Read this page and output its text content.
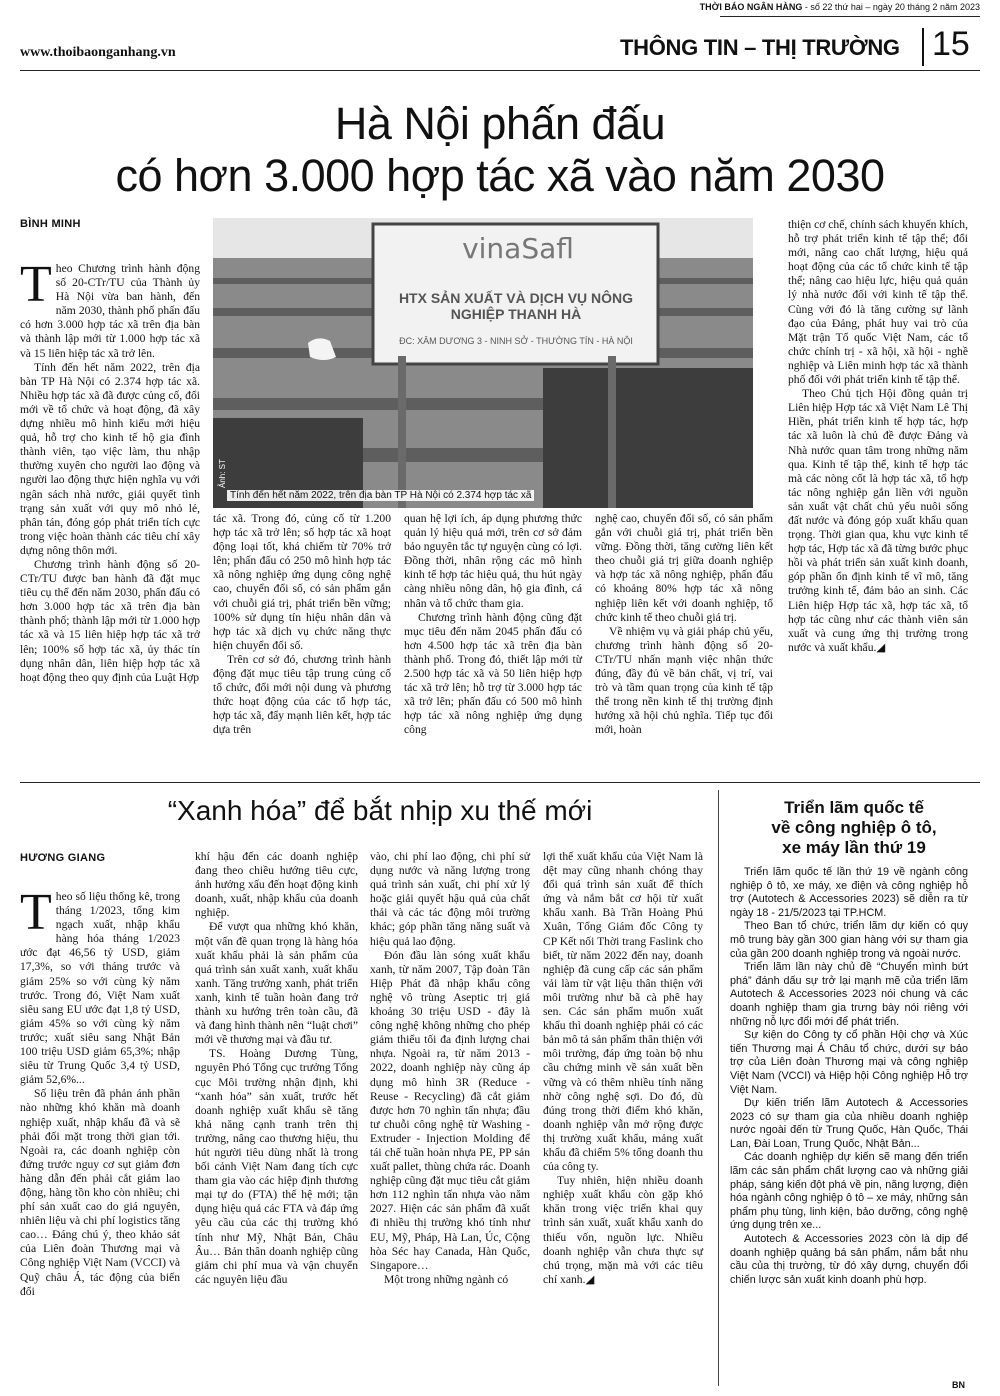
THỜI BÁO NGÂN HÀNG - số 22 thứ hai – ngày 20 tháng 2 năm 2023
www.thoibaonganhang.vn	THÔNG TIN – THỊ TRƯỜNG 15
Hà Nội phấn đấu
có hơn 3.000 hợp tác xã vào năm 2030
BÌNH MINH
Ảnh: ST
vinaSafl
HTX SẢN XUẤT VÀ DỊCH VỤ NÔNG NGHIỆP THANH HÀ
ĐC: XÂM DƯƠNG 3 - NINH SỞ - THƯỜNG TÍN - HÀ NỘI
Tính đến hết năm 2022, trên địa bàn TP Hà Nội có 2.374 hợp tác xã
T heo Chương trình hành động số 20-CTr/TU của Thành ủy Hà Nội vừa ban hành, đến năm 2030, thành phố phấn đấu có hơn 3.000 hợp tác xã trên địa bàn và thành lập mới từ 1.000 hợp tác xã và 15 liên hiệp tác xã trở lên.

Tính đến hết năm 2022, trên địa bàn TP Hà Nội có 2.374 hợp tác xã. Nhiều hợp tác xã đã được củng cố, đổi mới về tổ chức và hoạt động, đã xây dựng nhiều mô hình kiểu mới hiệu quả, hỗ trợ cho kinh tế hộ gia đình thành viên, tạo việc làm, thu nhập thường xuyên cho người lao động và người lao động thực hiện nghĩa vụ với ngân sách nhà nước, giải quyết tình trạng sản xuất với quy mô nhỏ lẻ, phân tán, đóng góp phát triển tích cực trong việc hoàn thành các tiêu chí xây dựng nông thôn mới.

Chương trình hành động số 20-CTr/TU được ban hành đã đặt mục tiêu cụ thể đến năm 2030, phấn đấu có hơn 3.000 hợp tác xã trên địa bàn thành phố; thành lập mới từ 1.000 hợp tác xã và 15 liên hiệp hợp tác xã trở lên; 100% số hợp tác xã, ủy thác tín dụng nhân dân, liên hiệp hợp tác xã hoạt động theo quy định của Luật Hợp

tác xã. Trong đó, củng cố từ 1.200 hợp tác xã trở lên; số hợp tác xã hoạt động loại tốt, khá chiếm từ 70% trở lên; phấn đấu có 250 mô hình hợp tác xã nông nghiệp ứng dụng công nghệ cao, chuyển đổi số, có sản phẩm gắn với chuỗi giá trị, phát triển bền vững; 100% sử dụng tín hiệu nhân dân và hợp tác xã dịch vụ chức năng thực hiện chuyển đổi số.

Trên cơ sở đó, chương trình hành động đặt mục tiêu tập trung củng cố tổ chức, đổi mới nội dung và phương thức hoạt động của các tổ hợp tác, hợp tác xã, đẩy mạnh liên kết, hợp tác dựa trên

quan hệ lợi ích, áp dụng phương thức quản lý hiệu quả mới, trên cơ sở đảm bảo nguyên tắc tự nguyện cùng có lợi. Đồng thời, nhân rộng các mô hình kinh tế hợp tác hiệu quả, thu hút ngày càng nhiều nông dân, hộ gia đình, cá nhân và tổ chức tham gia.

Chương trình hành động cũng đặt mục tiêu đến năm 2045 phấn đấu có hơn 4.500 hợp tác xã trên địa bàn thành phố. Trong đó, thiết lập mới từ 2.500 hợp tác xã và 50 liên hiệp hợp tác xã trở lên; hỗ trợ từ 3.000 hợp tác xã trở lên; phấn đấu có 500 mô hình hợp tác xã nông nghiệp ứng dụng công

nghệ cao, chuyển đổi số, có sản phẩm gắn với chuỗi giá trị, phát triển bền vững. Đồng thời, tăng cường liên kết theo chuỗi giá trị giữa doanh nghiệp và hợp tác xã nông nghiệp, phấn đấu có khoảng 80% hợp tác xã nông nghiệp liên kết với doanh nghiệp, tổ chức kinh tế theo chuỗi giá trị.

Về nhiệm vụ và giải pháp chủ yếu, chương trình hành động số 20-CTr/TU nhấn mạnh việc nhận thức đúng, đầy đủ về bản chất, vị trí, vai trò và tầm quan trọng của kinh tế tập thể trong nền kinh tế thị trường định hướng xã hội chủ nghĩa. Tiếp tục đổi mới, hoàn

thiện cơ chế, chính sách khuyến khích, hỗ trợ phát triển kinh tế tập thể; đổi mới, nâng cao chất lượng, hiệu quả hoạt động của các tổ chức kinh tế tập thể; nâng cao hiệu lực, hiệu quả quản lý nhà nước đối với kinh tế tập thể. Cùng với đó là tăng cường sự lãnh đạo của Đảng, phát huy vai trò của Mặt trận Tổ quốc Việt Nam, các tổ chức chính trị - xã hội, xã hội - nghề nghiệp và Liên minh hợp tác xã thành phố đối với phát triển kinh tế tập thể.

Theo Chủ tịch Hội đồng quản trị Liên hiệp Hợp tác xã Việt Nam Lê Thị Hiền, phát triển kinh tế hợp tác, hợp tác xã luôn là chủ đề được Đảng và Nhà nước quan tâm trong những năm qua. Kinh tế tập thể, kinh tế hợp tác mà các nòng cốt là hợp tác xã, tổ hợp tác nông nghiệp gắn liền với nguồn sản xuất vật chất chủ yếu nuôi sống đất nước và đóng góp xuất khẩu quan trọng. Thời gian qua, khu vực kinh tế hợp tác, Hợp tác xã đã từng bước phục hồi và phát triển sản xuất kinh doanh, góp phần ổn định kinh tế vĩ mô, tăng trưởng kinh tế, đảm bảo an sinh. Các Liên hiệp Hợp tác xã, hợp tác xã, tổ hợp tác cũng như các thành viên sản xuất và cung ứng thị trường trong nước và xuất khẩu.◢

“Xanh hóa” để bắt nhịp xu thế mới
HƯƠNG GIANG
T heo số liệu thống kê, trong tháng 1/2023, tổng kim ngạch xuất, nhập khẩu hàng hóa tháng 1/2023 ước đạt 46,56 tỷ USD, giảm 17,3%, so với tháng trước và giảm 25% so với cùng kỳ năm trước. Trong đó, Việt Nam xuất siêu sang EU ước đạt 1,8 tỷ USD, giảm 45% so với cùng kỳ năm trước; xuất siêu sang Nhật Bản 100 triệu USD giảm 65,3%; nhập siêu từ Trung Quốc 3,4 tỷ USD, giảm 52,6%...

Số liệu trên đã phản ánh phần nào những khó khăn mà doanh nghiệp xuất, nhập khẩu đã và sẽ phải đối mặt trong thời gian tới. Ngoài ra, các doanh nghiệp còn đứng trước nguy cơ sụt giảm đơn hàng dẫn đến phải cắt giảm lao động, hàng tồn kho còn nhiều; chi phí sản xuất cao do giá nguyên, nhiên liệu và chi phí logistics tăng cao… Đáng chú ý, theo khảo sát của Liên đoàn Thương mại và Công nghiệp Việt Nam (VCCI) và Quỹ châu Á, tác động của biến đổi

khí hậu đến các doanh nghiệp đang theo chiều hướng tiêu cực, ảnh hưởng xấu đến hoạt động kinh doanh, xuất, nhập khẩu của doanh nghiệp.

Để vượt qua những khó khăn, một vấn đề quan trọng là hàng hóa xuất khẩu phải là sản phẩm của quá trình sản xuất xanh, xuất khẩu xanh. Tăng trưởng xanh, phát triển xanh, kinh tế tuần hoàn đang trở thành xu hướng trên toàn cầu, đã và đang hình thành nên “luật chơi” mới về thương mại và đầu tư.

TS. Hoàng Dương Tùng, nguyên Phó Tổng cục trưởng Tổng cục Môi trường nhận định, khi “xanh hóa” sản xuất, trước hết doanh nghiệp xuất khẩu sẽ tăng khả năng cạnh tranh trên thị trường, nâng cao thương hiệu, thu hút người tiêu dùng nhất là trong bối cảnh Việt Nam đang tích cực tham gia vào các hiệp định thương mại tự do (FTA) thế hệ mới; tận dụng hiệu quả các FTA và đáp ứng yêu cầu của các thị trường khó tính như Mỹ, Nhật Bản, Châu Âu… Bản thân doanh nghiệp cũng giảm chi phí mua và vận chuyển các nguyên liệu đầu

vào, chi phí lao động, chi phí sử dụng nước và năng lượng trong quá trình sản xuất, chi phí xử lý hoặc giải quyết hậu quả của chất thải và các tác động môi trường khác; góp phần tăng năng suất và hiệu quả lao động.

Đón đầu làn sóng xuất khẩu xanh, từ năm 2007, Tập đoàn Tân Hiệp Phát đã nhập khẩu công nghệ vô trùng Aseptic trị giá khoảng 30 triệu USD - đây là công nghệ không những cho phép giảm thiểu tối đa định lượng chai nhựa. Ngoài ra, từ năm 2013 - 2022, doanh nghiệp này cũng áp dụng mô hình 3R (Reduce - Reuse - Recycling) đã cắt giảm được hơn 70 nghìn tấn nhựa; đầu tư chuỗi công nghệ từ Washing - Extruder - Injection Molding để tái chế tuần hoàn nhựa PE, PP sản xuất pallet, thùng chứa rác. Doanh nghiệp cũng đặt mục tiêu cắt giảm hơn 112 nghìn tấn nhựa vào năm 2027. Hiện các sản phẩm đã xuất đi nhiều thị trường khó tính như EU, Mỹ, Pháp, Hà Lan, Úc, Cộng hòa Séc hay Canada, Hàn Quốc, Singapore…

Một trong những ngành có

lợi thế xuất khẩu của Việt Nam là dệt may cũng nhanh chóng thay đổi quá trình sản xuất để thích ứng và nắm bắt cơ hội từ xuất khẩu xanh. Bà Trần Hoàng Phú Xuân, Tổng Giám đốc Công ty CP Kết nối Thời trang Faslink cho biết, từ năm 2022 đến nay, doanh nghiệp đã cung cấp các sản phẩm vải làm từ vật liệu thân thiện với môi trường như bã cà phê hay sen. Các sản phẩm muốn xuất khẩu thì doanh nghiệp phải có các bản mô tả sản phẩm thân thiện với môi trường, đáp ứng toàn bộ nhu cầu chứng minh về sản xuất bền vững và có thêm nhiều tính năng nhờ công nghệ sợi. Do đó, dù đúng trong thời điểm khó khăn, doanh nghiệp vẫn mở rộng được thị trường xuất khẩu, mảng xuất khẩu đã chiếm 5% tổng doanh thu của công ty.

Tuy nhiên, hiện nhiều doanh nghiệp xuất khẩu còn gặp khó khăn trong việc triển khai quy trình sản xuất, xuất khẩu xanh do thiếu vốn, nguồn lực. Nhiều doanh nghiệp vẫn chưa thực sự chú trọng, mặn mà với các tiêu chí xanh.◢

Triển lãm quốc tế
về công nghiệp ô tô,
xe máy lần thứ 19

Triển lãm quốc tế lần thứ 19 về ngành công nghiệp ô tô, xe máy, xe điện và công nghiệp hỗ trợ (Autotech & Accessories 2023) sẽ diễn ra từ ngày 18 - 21/5/2023 tại TP.HCM.

Theo Ban tổ chức, triển lãm dự kiến có quy mô trung bày gần 300 gian hàng với sự tham gia của gần 200 doanh nghiệp trong và ngoài nước.

Triển lãm lần này chủ đề “Chuyển mình bứt phá” đánh dấu sự trở lại mạnh mẽ của triển lãm Autotech & Accessories 2023 nói chung và các doanh nghiệp tham gia trưng bày nói riêng với những nỗ lực đổi mới để phát triển.

Sự kiện do Công ty cổ phần Hội chợ và Xúc tiến Thương mại Á Châu tổ chức, dưới sự bảo trợ của Liên đoàn Thương mại và công nghiệp Việt Nam (VCCI) và Hiệp hội Công nghiệp Hỗ trợ Việt Nam.

Dự kiến triển lãm Autotech & Accessories 2023 có sự tham gia của nhiều doanh nghiệp nước ngoài đến từ Trung Quốc, Hàn Quốc, Thái Lan, Đài Loan, Trung Quốc, Nhật Bản...

Các doanh nghiệp dự kiến sẽ mang đến triển lãm các sản phẩm chất lượng cao và những giải pháp, sáng kiến đột phá về pin, năng lượng, điện hóa ngành công nghiệp ô tô – xe máy, những sản phẩm phụ tùng, linh kiện, bảo dưỡng, công nghệ ứng dụng trên xe...

Autotech & Accessories 2023 còn là dịp để doanh nghiệp quảng bá sản phẩm, nắm bắt nhu cầu của thị trường, từ đó xây dựng, chuyển đổi chiến lược sản xuất kinh doanh phù hợp.

BN
